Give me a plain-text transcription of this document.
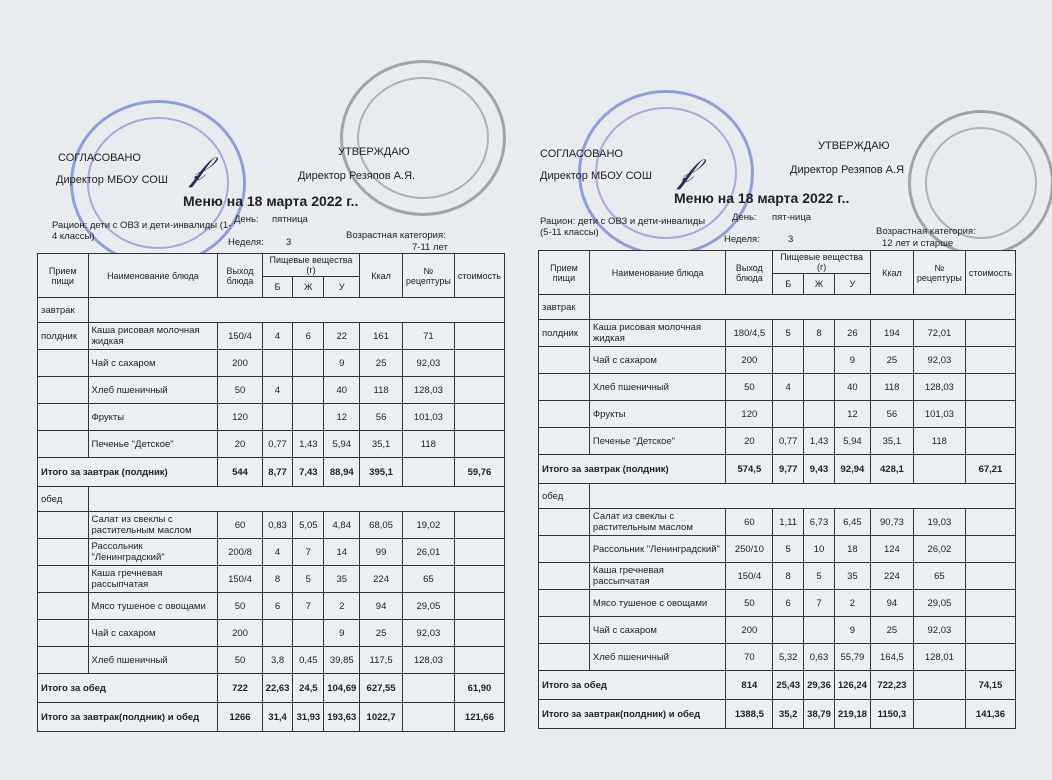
𝒻
СОГЛАСОВАНО
Директор МБОУ СОШ
УТВЕРЖДАЮ
Директор Резяпов А.Я.
Меню на 18 марта 2022 г..
Рацион: дети с ОВЗ и дети-инвалиды (1-4 классы)
День: пятница
Неделя: 3
Возрастная категория:
7-11 лет
Прием пищи	Наименование блюда	Выход блюда	Пищевые вещества (г)			Ккал	№ рецептуры	стоимость
			Б	Ж	У			
завтрак								
полдник	Каша рисовая молочная жидкая	150/4	4	6	22	161	71	
	Чай с сахаром	200			9	25	92,03	
	Хлеб пшеничный	50	4		40	118	128,03	
	Фрукты	120			12	56	101,03	
	Печенье "Детское"	20	0,77	1,43	5,94	35,1	118	
Итого за завтрак (полдник)		544	8,77	7,43	88,94	395,1		59,76
обед								
	Салат из свеклы с растительным маслом	60	0,83	5,05	4,84	68,05	19,02	
	Рассольник "Ленинградский"	200/8	4	7	14	99	26,01	
	Каша гречневая рассыпчатая	150/4	8	5	35	224	65	
	Мясо тушеное с овощами	50	6	7	2	94	29,05	
	Чай с сахаром	200			9	25	92,03	
	Хлеб пшеничный	50	3,8	0,45	39,85	117,5	128,03	
Итого за обед		722	22,63	24,5	104,69	627,55		61,90
Итого за завтрак(полдник) и обед		1266	31,4	31,93	193,63	1022,7		121,66
𝒻
СОГЛАСОВАНО
Директор МБОУ СОШ
УТВЕРЖДАЮ
Директор Резяпов А.Я
Меню на 18 марта 2022 г..
Рацион: дети с ОВЗ и дети-инвалиды (5-11 классы)
День: пят-ница
Неделя:	3
Возрастная категория:
12 лет и старше
Прием пищи	Наименование блюда	Выход блюда	Пищевые вещества (г)			Ккал	№ рецептуры	стоимость
			Б	Ж	У			
завтрак								
полдник	Каша рисовая молочная жидкая	180/4,5	5	8	26	194	72,01	
	Чай с сахаром	200			9	25	92,03	
	Хлеб пшеничный	50	4		40	118	128,03	
	Фрукты	120			12	56	101,03	
	Печенье "Детское"	20	0,77	1,43	5,94	35,1	118	
Итого за завтрак (полдник)		574,5	9,77	9,43	92,94	428,1		67,21
обед								
	Салат из свеклы с растительным маслом	60	1,11	6,73	6,45	90,73	19,03	
	Рассольник "Ленинградский"	250/10	5	10	18	124	26,02	
	Каша гречневая рассыпчатая	150/4	8	5	35	224	65	
	Мясо тушеное с овощами	50	6	7	2	94	29,05	
	Чай с сахаром	200			9	25	92,03	
	Хлеб пшеничный	70	5,32	0,63	55,79	164,5	128,01	
Итого за обед		814	25,43	29,36	126,24	722,23		74,15
Итого за завтрак(полдник) и обед		1388,5	35,2	38,79	219,18	1150,3		141,36
